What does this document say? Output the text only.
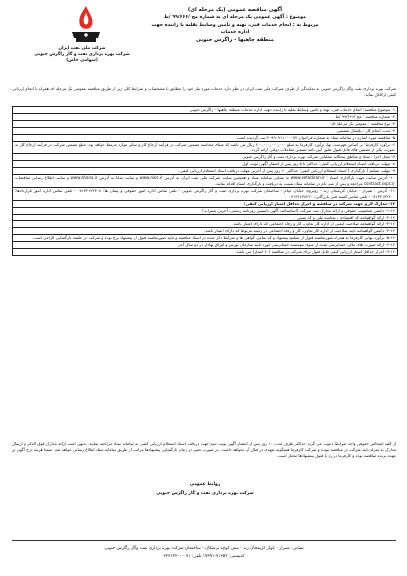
شرکت ملی نفت ایران
شرکت بهره برداری نفت و گاز زاگرس جنوبی
(سهامی خاص)
آگهی مناقصه عمومی (یک مرحله ای)
موضوع : آگهی عمومی یک مرحله ای به شماره مج /۹۹/۶۶۶ /ط
مربوط به : انجام خدمات فنی، تهیه و تامین وسایط نقلیه با راننده جهت اداره خدمات
منطقه چاهیها - زاگرس جنوبی
شرکت بهره برداری نفت وگاز زاگرس جنوبی به نمایندگی از طرف شرکت ملی نفت ایران در نظر دارد خدمات مورد نیاز خود را مطابق با مشخصات و شرایط کلی زیر از طریق مناقصه عمومی یک مرحله ای همراه با انجام ارزیابی کیفی ازکانال نماید.
۱- موضوع مناقصه: انجام خدمات فنی، تهیه و تامین وسایط نقلیه با راننده جهت اداره خدمات منطقه چاهیها - زاگرس جنوبی
۲- شماره مناقصه : مج /۹۹/۶۶۶ /ط
۳- نوع مناقصه : عمومی یک مرحله ای
۴- مدت انجام کار : یکسال شمسی
۵- مناقصه مورد اشاره در سامانه ستاد به شماره فراخوان ۲۰۹۹۰۹۱۱۰۰۰۰۹۲ ثبت گردیده است.
۶- برآورد کارفرما: بر اساس فهرست بها، برآورد کارفرما به مبلغ ۲۰۰,۰۰۰,۰۰۰,۰۰۰ ریال می باشد که مبنای محاسبه تضمین شرکت در فرآیند ارجاع کار و سایر موارد مرتبط خواهد بود. مبلغ تضمین شرکت در فرآیند ارجاع کار به صورت یکی از تضمین های قابل قبول طبق آیین نامه تضمین معاملات دولتی ارائه گردد.
۷- محل اجرا : ستاد و مناطق پنجگانه عملیاتی شرکت بهره برداری نفت و گاز زاگرس جنوبی
۸- مهلت دریافت اسناد استعلام ارزیابی کیفی: حداکثر تا ۵ روز پس از انتشار آگهی نوبت اول
۹- مهلت تسلیم ( بارگذاری ) اسناد استعلام ارزیابی کیفی: حداکثر ۱۰ روز پس از آخرین مهلت دریافت اسناد استعلام ارزیابی کیفی.
۱۰- آدرس سایت جهت بارگذاری اسناد : www.setadiran.ir به نشانی سامانه ستاد و همچنین سایت شرکت ملی نفت ایران به آدرس www.nioc.ir و سایت شانا به آدرس www.shana.ir و سایت اطلاع رسانی مناقصات contract.sspc.ir مراجعه و پس از ثبت نام در سامانه ستاد نسبت به دریافت و بارگذاری اسناد اقدام نمایند.
۱۱- آدرس : شیراز - خیابان کریمخان زند - روبروی خیابان خیام - ساختمان شرکت بهره برداری نفت و گاز زاگرس جنوبی - تلفن تماس اداره امور حقوقی و پیمان ها: ۰۷۱۳۲۱۳۲۴۰۸ - تلفن تماس اداره امور قراردادها: ۰۷۱۳۲۱۳۲۲۰۰ - تلفن تماس کمیته فنی بازرگانی: ۰۷۱۳۲۱۳۸۲۲۰
۱۲- مدارک لازم جهت شرکت در مناقصه و احراز حداقل امتیاز ارزیابی کیفی:
۱-۱۲- داشتن شخصیت حقوقی و ارائه مدارک ثبت شرکت (اساسنامه، آگهی تاسیس روزنامه رسمی، آخرین تغییرات)
۲-۱۲- ارائه گواهینامه کد اقتصادی ، شناسه ملی و کد پستی
۳-۱۲- ارائه گواهینامه صلاحیت ایمنی از اداره کار تعاون، کار و رفاه اجتماعی که دارای اعتبار باشد.
۴-۱۲- داشتن گواهینامه تایید صلاحیت از اداره کار تعاون، کار و رفاه اجتماعی در زمینه مربوط که دارای اعتبار باشد.
۵-۱۲- برآورد نهایی کارفرما به همراه صورتجلسه قبول از تسلیم پیشنهاد و کد تمامی گواهی ها و شرایط ذکر شده در اسناد مناقصه و تایید صورتجلسه قبول از پیشنهاد نرخ بوده و شرکت در جلسه بازگشایی الزامی است.
۶-۱۲- ارائه صورت های مالی حسابرسی شده از سوی موسسه حسابرسی مورد تایید سازمان بورس و اوراق بهادار در دو سال آخر
۷-۱۲- احراز حداقل امتیاز ارزیابی کیفی قابل قبول برای شرکت در مناقصه (۶۰ امتیاز) می باشد.
از کلیه اشخاص حقوقی واجد شرایط دعوت می گردد حداکثر ظرف مدت ۱۰ روز پس از انتشار آگهی نوبت دوم جهت دریافت اسناد استعلام ارزیابی کیفی به سامانه ستاد مراجعه نمایند. بدیهی است ارائه مدارک فوق الذکر و ارسال مدارک به منزله تایید شرکت در مناقصه نبوده و شرکت کارفرما هیچگونه تعهدی در قبال آن نخواهد داشت. در صورت تغییر در زمان بازگشایی پیشنهادها مراتب از طریق سامانه ستاد اطلاع رسانی خواهد شد. ضمنا هزینه درج آگهی بر عهده برنده مناقصه بوده و کارفرما در رد یا قبول پیشنهادها مختار است.
روابط عمومی
شرکت بهره برداری نفت و گاز زاگرس جنوبی
نشانی: شیراز - بلوار کریمخان زند - نبش کوچه پزشکان - ساختمان شرکت بهره برداری نفت وگاز زاگرس جنوبی
کدپستی: ۷۱۳۵۷-۱۷۹۹۱ تلفن: ۰۷۱-۳۲۳۱۴۲۰۰
